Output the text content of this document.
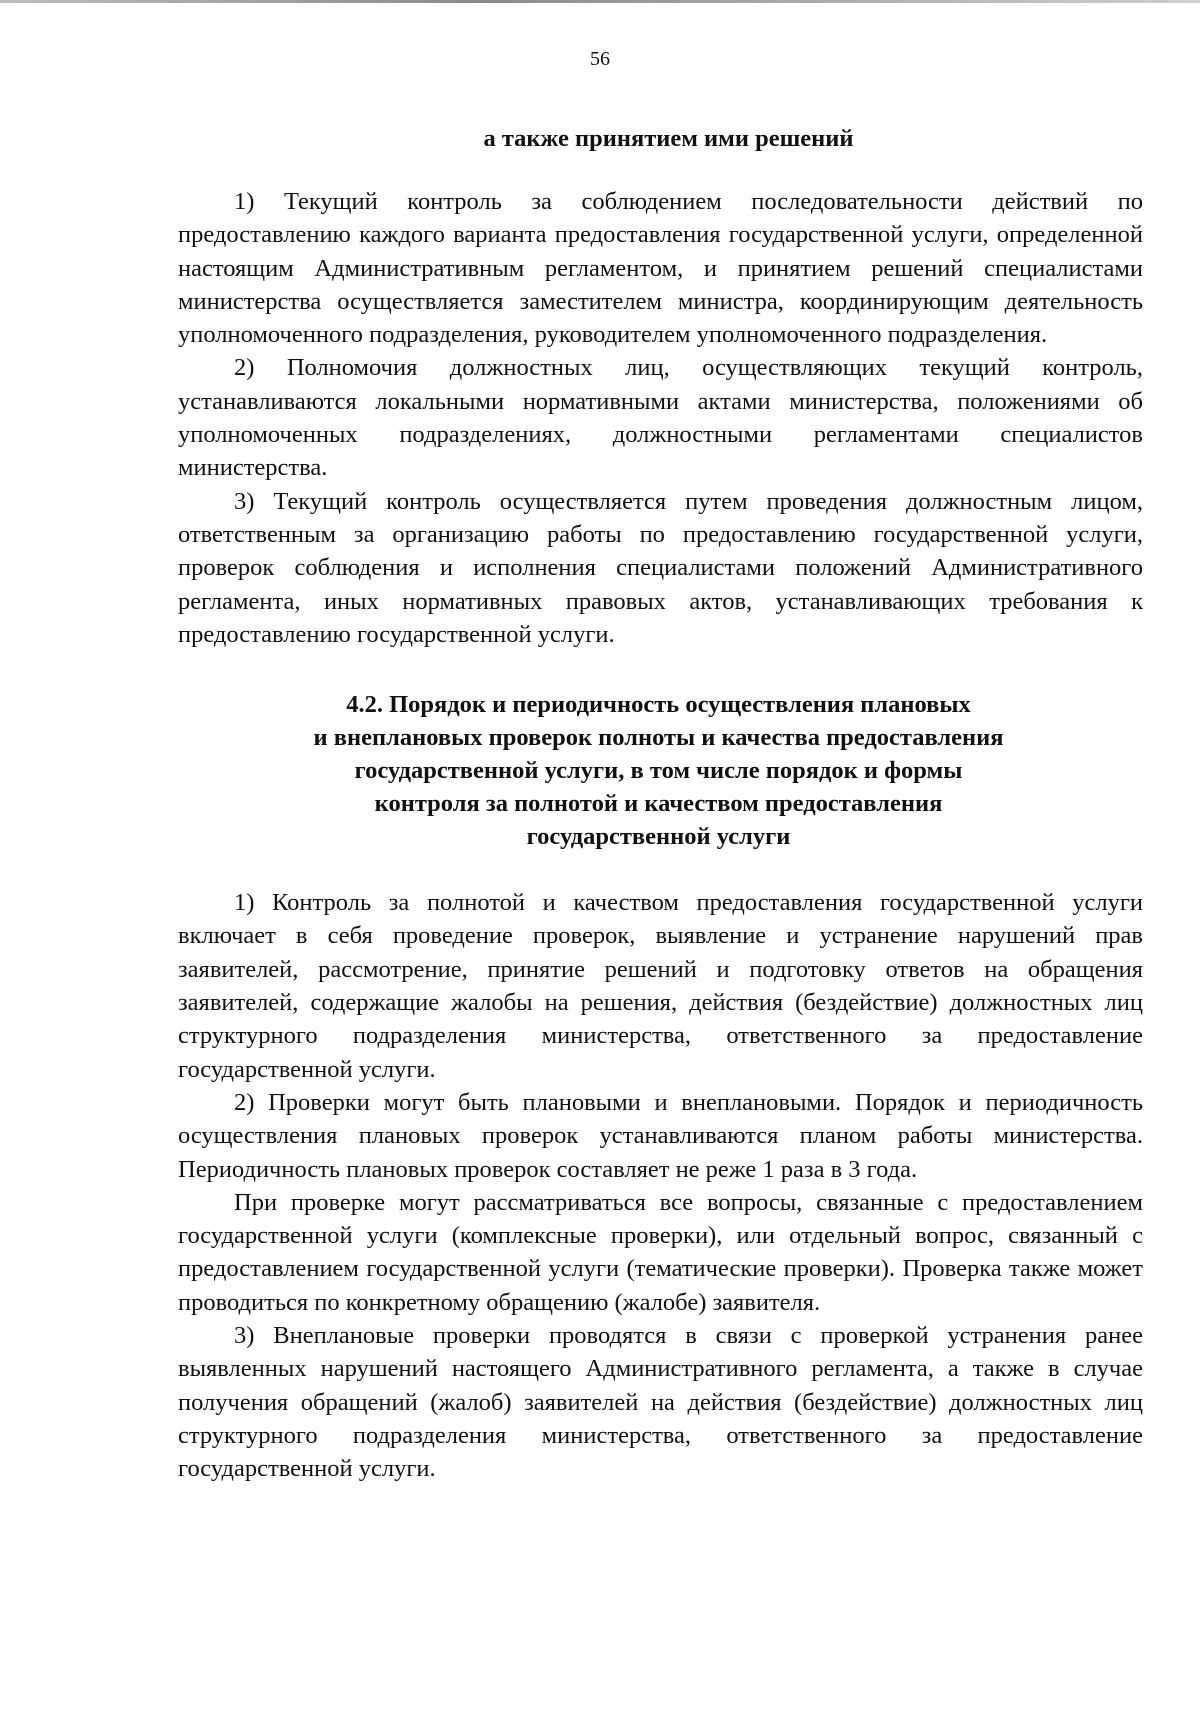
56
а также принятием ими решений

1) Текущий контроль за соблюдением последовательности действий по предоставлению каждого варианта предоставления государственной услуги, определенной настоящим Административным регламентом, и принятием решений специалистами министерства осуществляется заместителем министра, координирующим деятельность уполномоченного подразделения, руководителем уполномоченного подразделения.

2) Полномочия должностных лиц, осуществляющих текущий контроль, устанавливаются локальными нормативными актами министерства, положениями об уполномоченных подразделениях, должностными регламентами специалистов министерства.

3) Текущий контроль осуществляется путем проведения должностным лицом, ответственным за организацию работы по предоставлению государственной услуги, проверок соблюдения и исполнения специалистами положений Административного регламента, иных нормативных правовых актов, устанавливающих требования к предоставлению государственной услуги.

4.2. Порядок и периодичность осуществления плановых
и внеплановых проверок полноты и качества предоставления
государственной услуги, в том числе порядок и формы
контроля за полнотой и качеством предоставления
государственной услуги

1) Контроль за полнотой и качеством предоставления государственной услуги включает в себя проведение проверок, выявление и устранение нарушений прав заявителей, рассмотрение, принятие решений и подготовку ответов на обращения заявителей, содержащие жалобы на решения, действия (бездействие) должностных лиц структурного подразделения министерства, ответственного за предоставление государственной услуги.

2) Проверки могут быть плановыми и внеплановыми. Порядок и периодичность осуществления плановых проверок устанавливаются планом работы министерства. Периодичность плановых проверок составляет не реже 1 раза в 3 года.

При проверке могут рассматриваться все вопросы, связанные с предоставлением государственной услуги (комплексные проверки), или отдельный вопрос, связанный с предоставлением государственной услуги (тематические проверки). Проверка также может проводиться по конкретному обращению (жалобе) заявителя.

3) Внеплановые проверки проводятся в связи с проверкой устранения ранее выявленных нарушений настоящего Административного регламента, а также в случае получения обращений (жалоб) заявителей на действия (бездействие) должностных лиц структурного подразделения министерства, ответственного за предоставление государственной услуги.
